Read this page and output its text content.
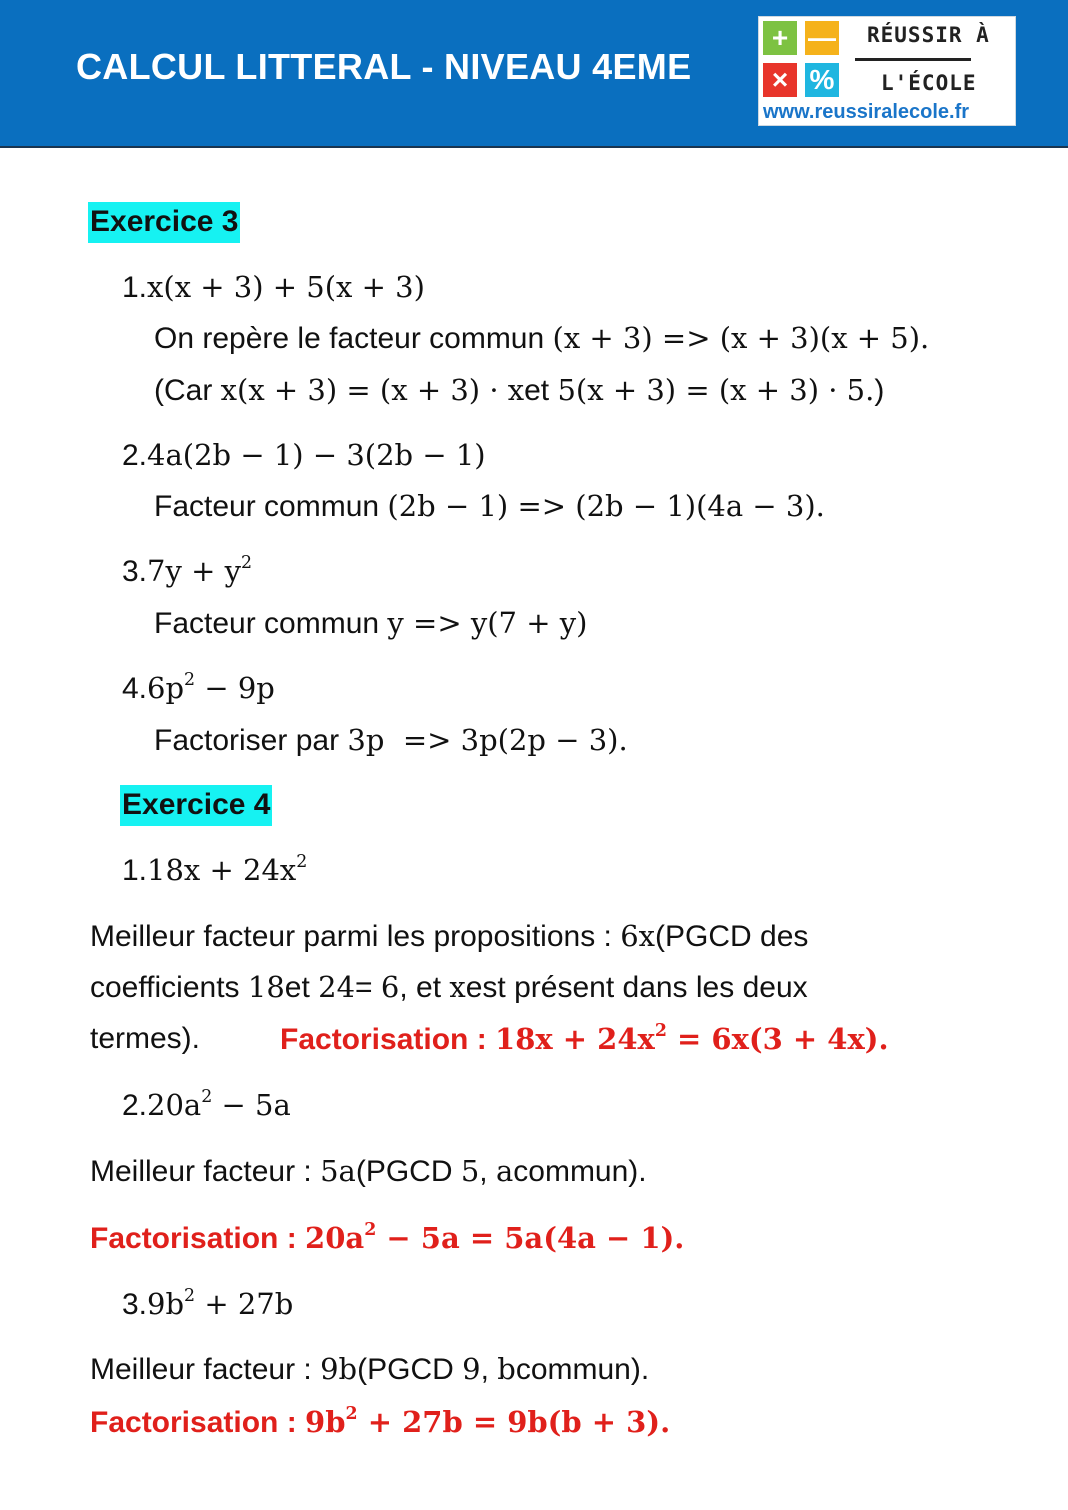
CALCUL LITTERAL - NIVEAU 4EME
+ —
× %
RÉUSSIR À
L'ÉCOLE
www.reussiralecole.fr
Exercice 3
1.x(x + 3) + 5(x + 3)
On repère le facteur commun (x + 3) => (x + 3)(x + 5).
(Car x(x + 3) = (x + 3) · xet 5(x + 3) = (x + 3) · 5.)
2.4a(2b − 1) − 3(2b − 1)
Facteur commun (2b − 1) => (2b − 1)(4a − 3).
$3.7y + y^2$
Facteur commun y => y(7 + y)
$4.6p^2 - 9p$
Factoriser par 3p  => 3p(2p − 3).
Exercice 4
$1.18x + 24x^2$
Meilleur facteur parmi les propositions : 6x(PGCD des
coefficients 18et 24= 6, et xest présent dans les deux
termes).	Factorisation : $18x + 24x^2 = 6x(3 + 4x)$.
$2.20a^2 - 5a$
Meilleur facteur : 5a(PGCD 5, acommun).
Factorisation : $20a^2 - 5a = 5a(4a - 1)$.
$3.9b^2 + 27b$
Meilleur facteur : 9b(PGCD 9, bcommun).
Factorisation : $9b^2 + 27b = 9b(b + 3)$.
